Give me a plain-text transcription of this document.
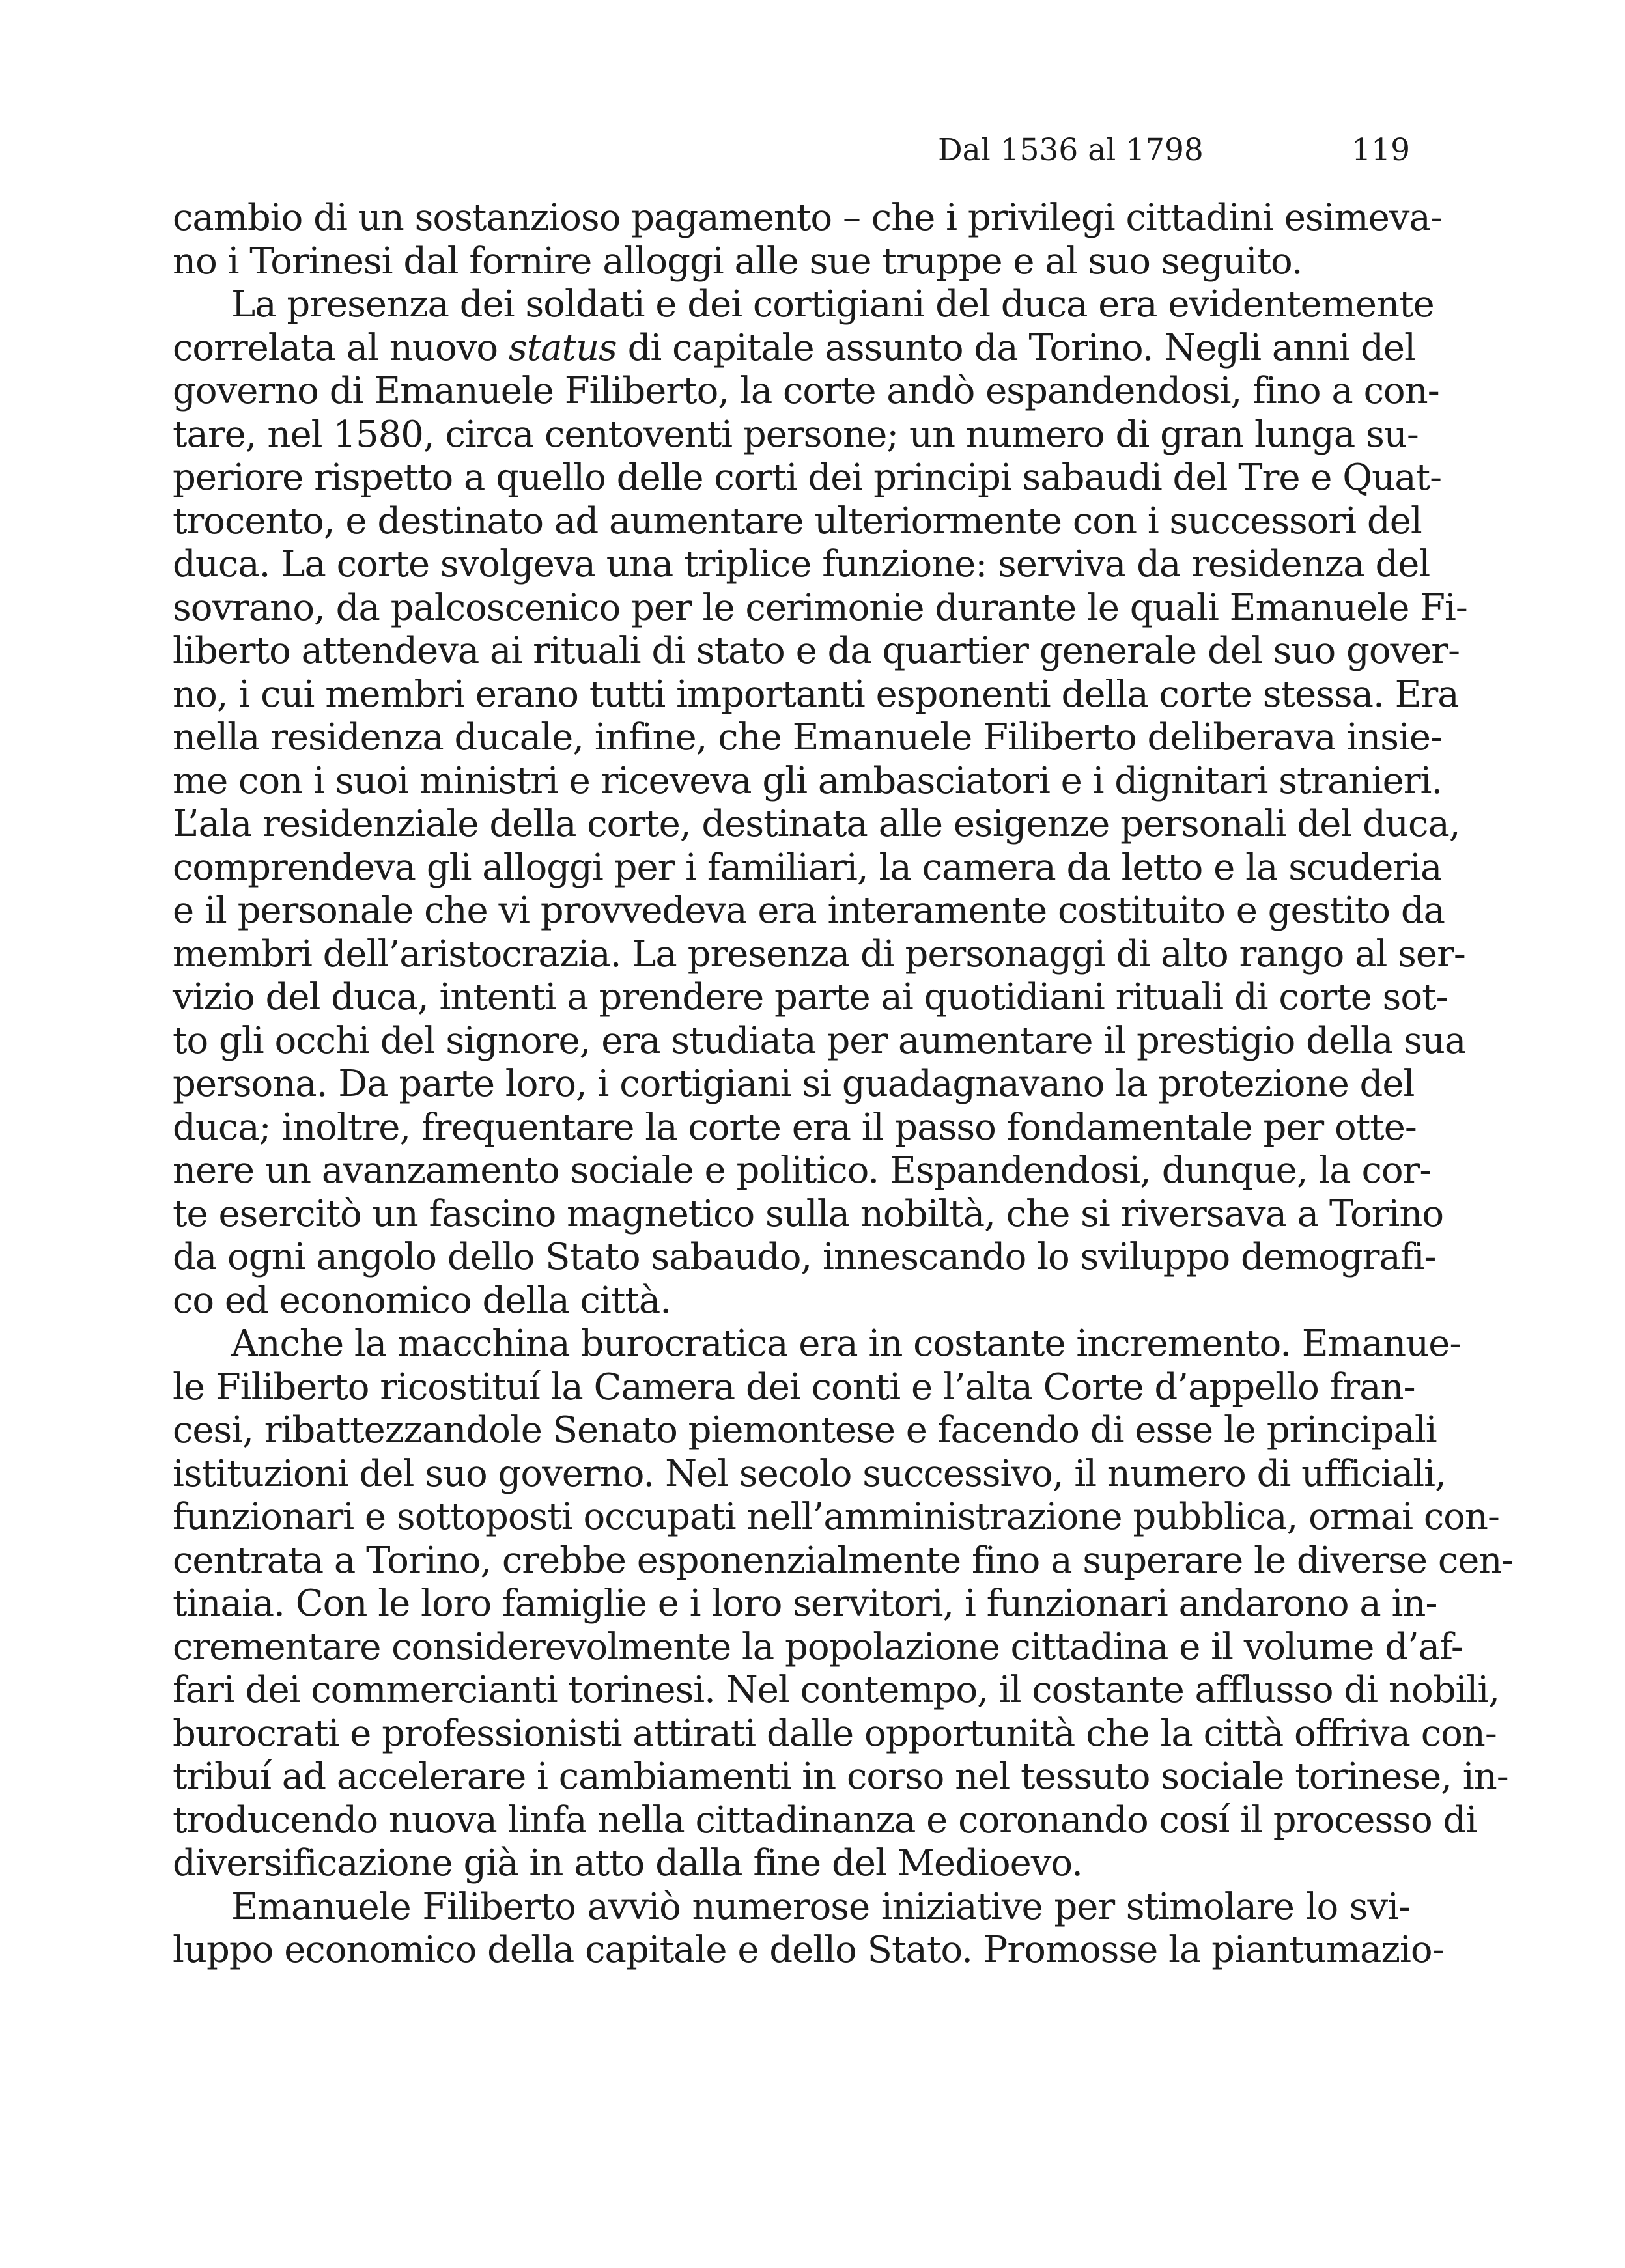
Dal 1536 al 1798	119
cambio di un sostanzioso pagamento – che i privilegi cittadini esimeva-
no i Torinesi dal fornire alloggi alle sue truppe e al suo seguito.
La presenza dei soldati e dei cortigiani del duca era evidentemente
correlata al nuovo status di capitale assunto da Torino. Negli anni del
governo di Emanuele Filiberto, la corte andò espandendosi, fino a con-
tare, nel 1580, circa centoventi persone; un numero di gran lunga su-
periore rispetto a quello delle corti dei principi sabaudi del Tre e Quat-
trocento, e destinato ad aumentare ulteriormente con i successori del
duca. La corte svolgeva una triplice funzione: serviva da residenza del
sovrano, da palcoscenico per le cerimonie durante le quali Emanuele Fi-
liberto attendeva ai rituali di stato e da quartier generale del suo gover-
no, i cui membri erano tutti importanti esponenti della corte stessa. Era
nella residenza ducale, infine, che Emanuele Filiberto deliberava insie-
me con i suoi ministri e riceveva gli ambasciatori e i dignitari stranieri.
L’ala residenziale della corte, destinata alle esigenze personali del duca,
comprendeva gli alloggi per i familiari, la camera da letto e la scuderia
e il personale che vi provvedeva era interamente costituito e gestito da
membri dell’aristocrazia. La presenza di personaggi di alto rango al ser-
vizio del duca, intenti a prendere parte ai quotidiani rituali di corte sot-
to gli occhi del signore, era studiata per aumentare il prestigio della sua
persona. Da parte loro, i cortigiani si guadagnavano la protezione del
duca; inoltre, frequentare la corte era il passo fondamentale per otte-
nere un avanzamento sociale e politico. Espandendosi, dunque, la cor-
te esercitò un fascino magnetico sulla nobiltà, che si riversava a Torino
da ogni angolo dello Stato sabaudo, innescando lo sviluppo demografi-
co ed economico della città.
Anche la macchina burocratica era in costante incremento. Emanue-
le Filiberto ricostituí la Camera dei conti e l’alta Corte d’appello fran-
cesi, ribattezzandole Senato piemontese e facendo di esse le principali
istituzioni del suo governo. Nel secolo successivo, il numero di ufficiali,
funzionari e sottoposti occupati nell’amministrazione pubblica, ormai con-
centrata a Torino, crebbe esponenzialmente fino a superare le diverse cen-
tinaia. Con le loro famiglie e i loro servitori, i funzionari andarono a in-
crementare considerevolmente la popolazione cittadina e il volume d’af-
fari dei commercianti torinesi. Nel contempo, il costante afflusso di nobili,
burocrati e professionisti attirati dalle opportunità che la città offriva con-
tribuí ad accelerare i cambiamenti in corso nel tessuto sociale torinese, in-
troducendo nuova linfa nella cittadinanza e coronando cosí il processo di
diversificazione già in atto dalla fine del Medioevo.
Emanuele Filiberto avviò numerose iniziative per stimolare lo svi-
luppo economico della capitale e dello Stato. Promosse la piantumazio-
